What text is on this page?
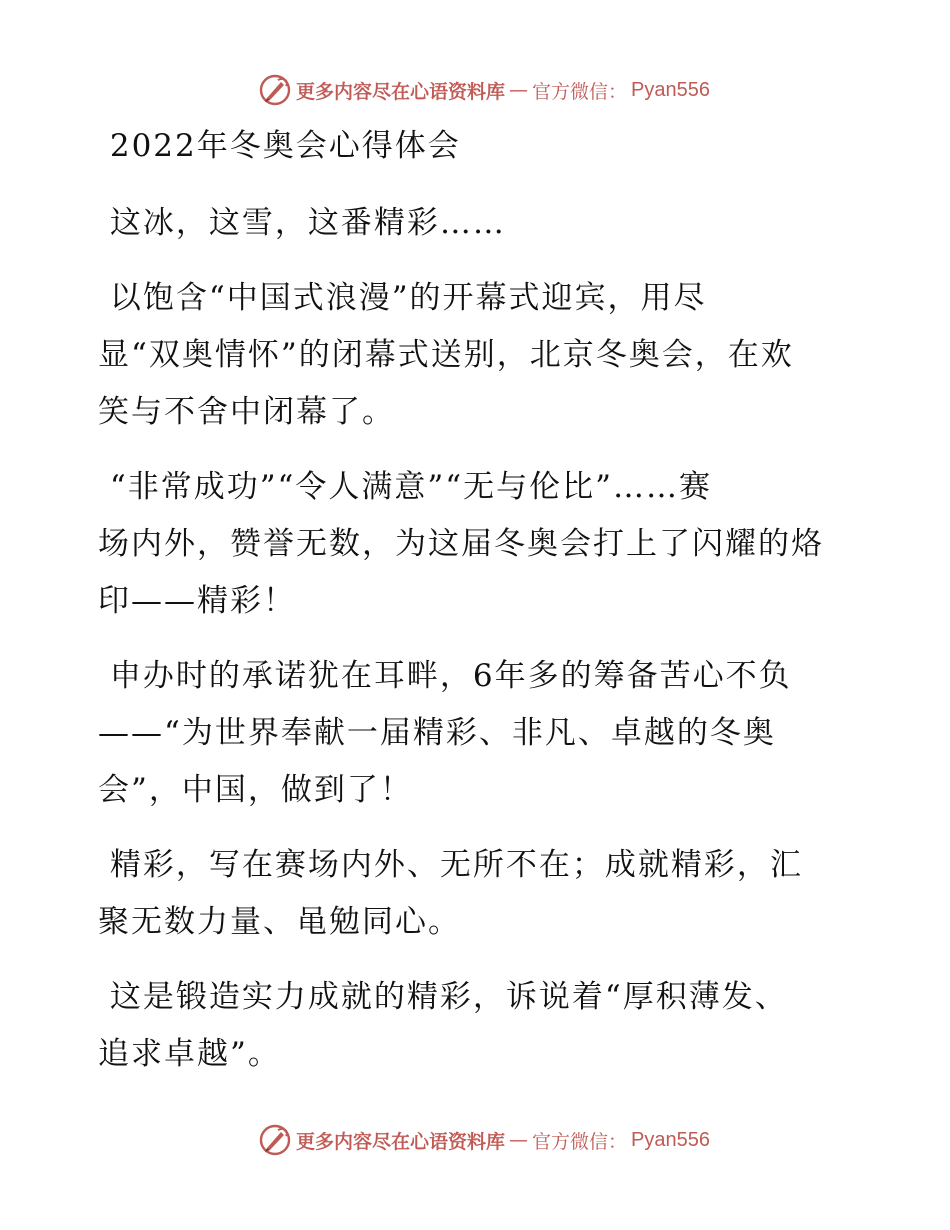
更多内容尽在心语资料库 — 官方微信： Pyan556

2022年冬奥会心得体会

这冰，这雪，这番精彩……

以饱含“中国式浪漫”的开幕式迎宾，用尽
显“双奥情怀”的闭幕式送别，北京冬奥会，在欢
笑与不舍中闭幕了。

“非常成功”“令人满意”“无与伦比”……赛
场内外，赞誉无数，为这届冬奥会打上了闪耀的烙
印——精彩！

申办时的承诺犹在耳畔，6年多的筹备苦心不负
——“为世界奉献一届精彩、非凡、卓越的冬奥
会”，中国，做到了！

精彩，写在赛场内外、无所不在；成就精彩，汇
聚无数力量、黾勉同心。

这是锻造实力成就的精彩，诉说着“厚积薄发、
追求卓越”。

更多内容尽在心语资料库 — 官方微信： Pyan556
